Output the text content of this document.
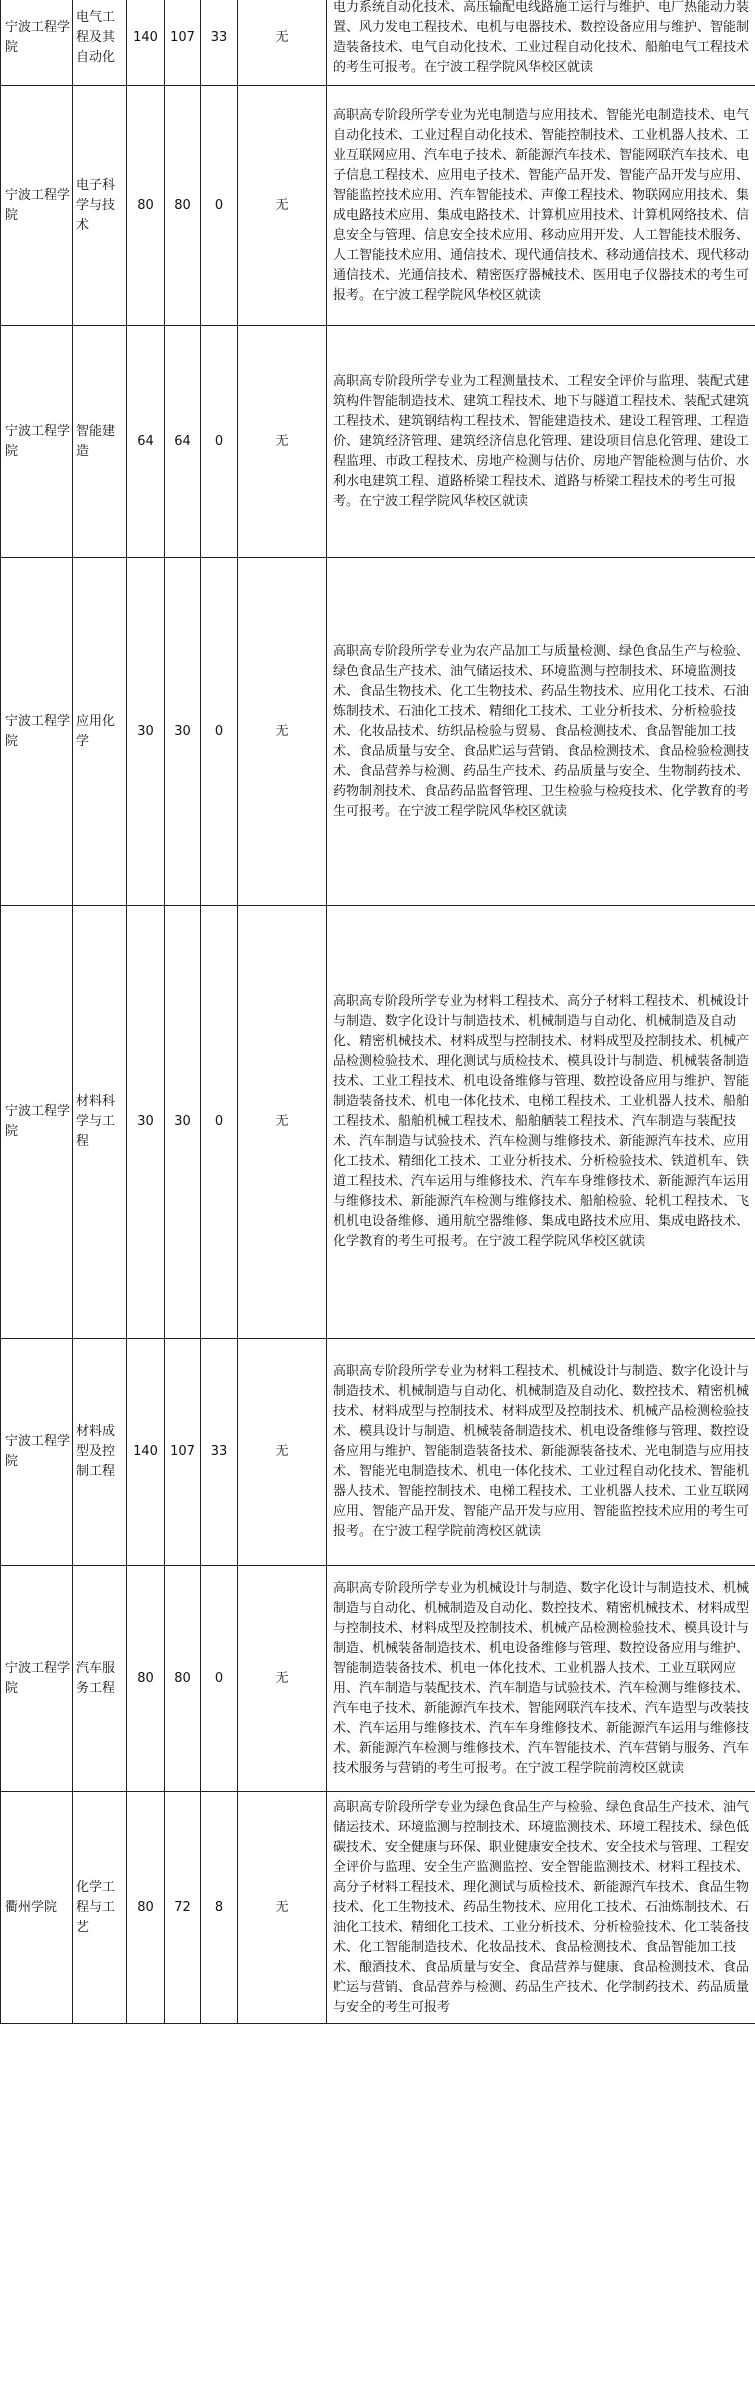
宁波工程学院	电气工程及其自动化	140	107	33	无	电力系统自动化技术、高压输配电线路施工运行与维护、电厂热能动力装置、风力发电工程技术、电机与电器技术、数控设备应用与维护、智能制造装备技术、电气自动化技术、工业过程自动化技术、船舶电气工程技术的考生可报考。在宁波工程学院风华校区就读
宁波工程学院	电子科学与技术	80	80	0	无	高职高专阶段所学专业为光电制造与应用技术、智能光电制造技术、电气自动化技术、工业过程自动化技术、智能控制技术、工业机器人技术、工业互联网应用、汽车电子技术、新能源汽车技术、智能网联汽车技术、电子信息工程技术、应用电子技术、智能产品开发、智能产品开发与应用、智能监控技术应用、汽车智能技术、声像工程技术、物联网应用技术、集成电路技术应用、集成电路技术、计算机应用技术、计算机网络技术、信息安全与管理、信息安全技术应用、移动应用开发、人工智能技术服务、人工智能技术应用、通信技术、现代通信技术、移动通信技术、现代移动通信技术、光通信技术、精密医疗器械技术、医用电子仪器技术的考生可报考。在宁波工程学院风华校区就读
宁波工程学院	智能建造	64	64	0	无	高职高专阶段所学专业为工程测量技术、工程安全评价与监理、装配式建筑构件智能制造技术、建筑工程技术、地下与隧道工程技术、装配式建筑工程技术、建筑钢结构工程技术、智能建造技术、建设工程管理、工程造价、建筑经济管理、建筑经济信息化管理、建设项目信息化管理、建设工程监理、市政工程技术、房地产检测与估价、房地产智能检测与估价、水利水电建筑工程、道路桥梁工程技术、道路与桥梁工程技术的考生可报考。在宁波工程学院风华校区就读
宁波工程学院	应用化学	30	30	0	无	高职高专阶段所学专业为农产品加工与质量检测、绿色食品生产与检验、绿色食品生产技术、油气储运技术、环境监测与控制技术、环境监测技术、食品生物技术、化工生物技术、药品生物技术、应用化工技术、石油炼制技术、石油化工技术、精细化工技术、工业分析技术、分析检验技术、化妆品技术、纺织品检验与贸易、食品检测技术、食品智能加工技术、食品质量与安全、食品贮运与营销、食品检测技术、食品检验检测技术、食品营养与检测、药品生产技术、药品质量与安全、生物制药技术、药物制剂技术、食品药品监督管理、卫生检验与检疫技术、化学教育的考生可报考。在宁波工程学院风华校区就读
宁波工程学院	材料科学与工程	30	30	0	无	高职高专阶段所学专业为材料工程技术、高分子材料工程技术、机械设计与制造、数字化设计与制造技术、机械制造与自动化、机械制造及自动化、精密机械技术、材料成型与控制技术、材料成型及控制技术、机械产品检测检验技术、理化测试与质检技术、模具设计与制造、机械装备制造技术、工业工程技术、机电设备维修与管理、数控设备应用与维护、智能制造装备技术、机电一体化技术、电梯工程技术、工业机器人技术、船舶工程技术、船舶机械工程技术、船舶舾装工程技术、汽车制造与装配技术、汽车制造与试验技术、汽车检测与维修技术、新能源汽车技术、应用化工技术、精细化工技术、工业分析技术、分析检验技术、铁道机车、铁道工程技术、汽车运用与维修技术、汽车车身维修技术、新能源汽车运用与维修技术、新能源汽车检测与维修技术、船舶检验、轮机工程技术、飞机机电设备维修、通用航空器维修、集成电路技术应用、集成电路技术、化学教育的考生可报考。在宁波工程学院风华校区就读
宁波工程学院	材料成型及控制工程	140	107	33	无	高职高专阶段所学专业为材料工程技术、机械设计与制造、数字化设计与制造技术、机械制造与自动化、机械制造及自动化、数控技术、精密机械技术、材料成型与控制技术、材料成型及控制技术、机械产品检测检验技术、模具设计与制造、机械装备制造技术、机电设备维修与管理、数控设备应用与维护、智能制造装备技术、新能源装备技术、光电制造与应用技术、智能光电制造技术、机电一体化技术、工业过程自动化技术、智能机器人技术、智能控制技术、电梯工程技术、工业机器人技术、工业互联网应用、智能产品开发、智能产品开发与应用、智能监控技术应用的考生可报考。在宁波工程学院前湾校区就读
宁波工程学院	汽车服务工程	80	80	0	无	高职高专阶段所学专业为机械设计与制造、数字化设计与制造技术、机械制造与自动化、机械制造及自动化、数控技术、精密机械技术、材料成型与控制技术、材料成型及控制技术、机械产品检测检验技术、模具设计与制造、机械装备制造技术、机电设备维修与管理、数控设备应用与维护、智能制造装备技术、机电一体化技术、工业机器人技术、工业互联网应用、汽车制造与装配技术、汽车制造与试验技术、汽车检测与维修技术、汽车电子技术、新能源汽车技术、智能网联汽车技术、汽车造型与改装技术、汽车运用与维修技术、汽车车身维修技术、新能源汽车运用与维修技术、新能源汽车检测与维修技术、汽车智能技术、汽车营销与服务、汽车技术服务与营销的考生可报考。在宁波工程学院前湾校区就读
衢州学院	化学工程与工艺	80	72	8	无	高职高专阶段所学专业为绿色食品生产与检验、绿色食品生产技术、油气储运技术、环境监测与控制技术、环境监测技术、环境工程技术、绿色低碳技术、安全健康与环保、职业健康安全技术、安全技术与管理、工程安全评价与监理、安全生产监测监控、安全智能监测技术、材料工程技术、高分子材料工程技术、理化测试与质检技术、新能源汽车技术、食品生物技术、化工生物技术、药品生物技术、应用化工技术、石油炼制技术、石油化工技术、精细化工技术、工业分析技术、分析检验技术、化工装备技术、化工智能制造技术、化妆品技术、食品检测技术、食品智能加工技术、酿酒技术、食品质量与安全、食品营养与健康、食品检测技术、食品贮运与营销、食品营养与检测、药品生产技术、化学制药技术、药品质量与安全的考生可报考
